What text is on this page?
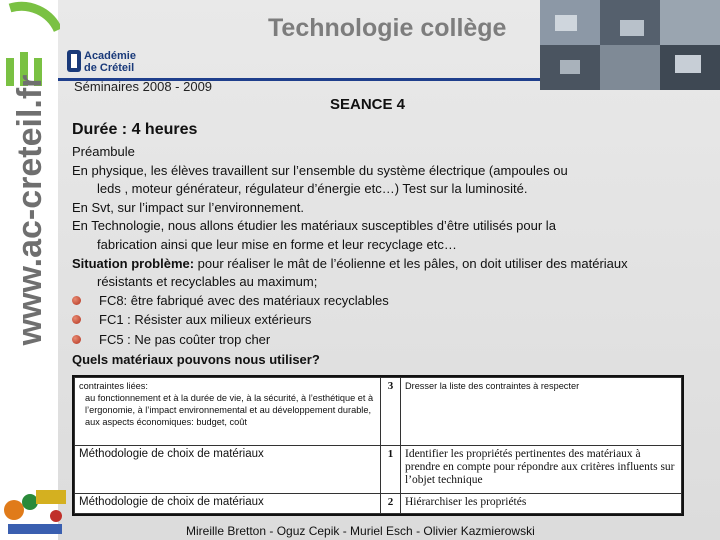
www.ac-creteil.fr
Technologie collège
Académie
de Créteil
Séminaires 2008 - 2009
SEANCE 4
Durée : 4 heures

Préambule

En physique, les élèves travaillent sur l’ensemble du système électrique (ampoules ou

leds , moteur générateur, régulateur d’énergie etc…) Test sur la luminosité.

En Svt, sur l’impact sur l’environnement.

En Technologie, nous allons étudier les matériaux susceptibles d’être utilisés pour la

fabrication ainsi que leur mise en forme et leur recyclage etc…

Situation problème: pour réaliser le mât de l’éolienne et les pâles, on doit utiliser des matériaux

résistants et recyclables au maximum;

FC8: être fabriqué avec des matériaux recyclables
FC1 : Résister aux milieux extérieurs
FC5 : Ne pas coûter trop cher

Quels matériaux pouvons nous utiliser?

contraintes liées:
au fonctionnement et à la durée de vie, à la sécurité, à l’esthétique et à l’ergonomie, à l’impact environnemental et au développement durable, aux aspects économiques: budget, coût	3	Dresser la liste des contraintes à respecter
Méthodologie de choix de matériaux	1	Identifier les propriétés pertinentes des matériaux à prendre en compte pour répondre aux critères influents sur l’objet technique
Méthodologie de choix de matériaux	2	Hiérarchiser les propriétés
Mireille Bretton - Oguz Cepik - Muriel Esch - Olivier Kazmierowski
